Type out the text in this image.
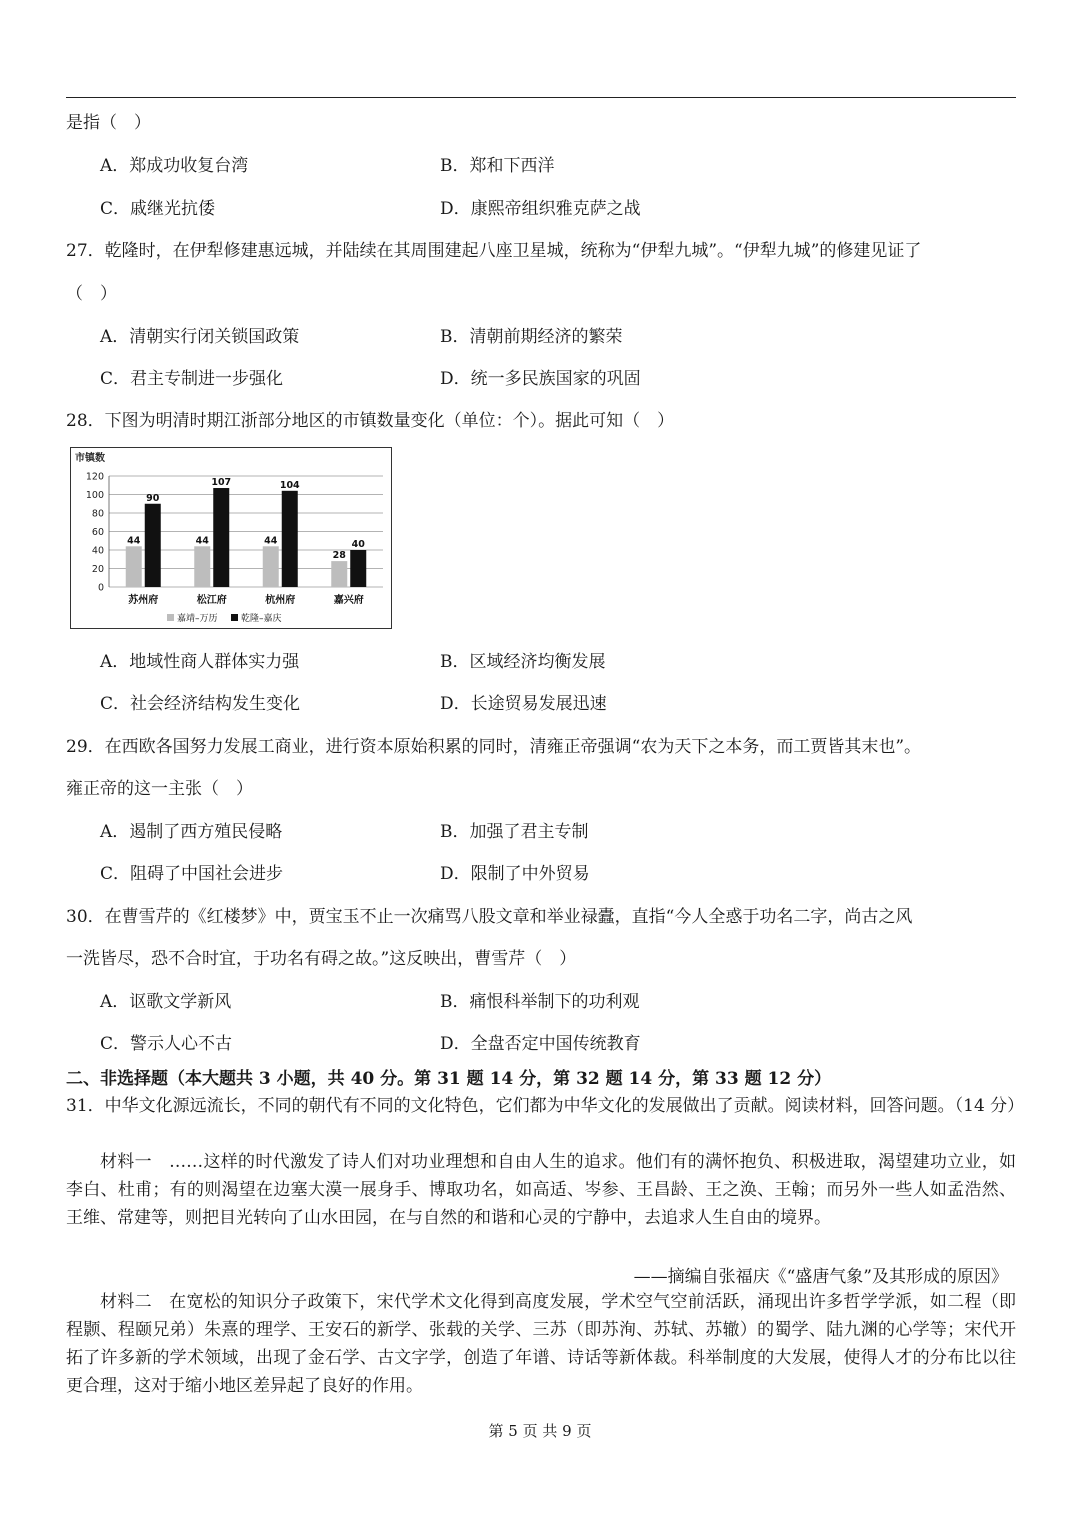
是指（　）
A．郑成功收复台湾	B．郑和下西洋
C．戚继光抗倭	D．康熙帝组织雅克萨之战
27．乾隆时，在伊犁修建惠远城，并陆续在其周围建起八座卫星城，统称为“伊犁九城”。“伊犁九城”的修建见证了
（　）
A．清朝实行闭关锁国政策	B．清朝前期经济的繁荣
C．君主专制进一步强化	D．统一多民族国家的巩固
28．下图为明清时期江浙部分地区的市镇数量变化（单位：个）。据此可知（　）
市镇数
0
20
40
60
80
100
120
44
90
苏州府
44
107
松江府
44
104
杭州府
28
40
嘉兴府
嘉靖–万历	乾隆–嘉庆
A．地域性商人群体实力强	B．区域经济均衡发展
C．社会经济结构发生变化	D．长途贸易发展迅速
29．在西欧各国努力发展工商业，进行资本原始积累的同时，清雍正帝强调“农为天下之本务，而工贾皆其末也”。
雍正帝的这一主张（　）
A．遏制了西方殖民侵略	B．加强了君主专制
C．阻碍了中国社会进步	D．限制了中外贸易
30．在曹雪芹的《红楼梦》中，贾宝玉不止一次痛骂八股文章和举业禄蠹，直指“今人全惑于功名二字，尚古之风
一洗皆尽，恐不合时宜，于功名有碍之故。”这反映出，曹雪芹（　）
A．讴歌文学新风	B．痛恨科举制下的功利观
C．警示人心不古	D．全盘否定中国传统教育
二、非选择题（本大题共 3 小题，共 40 分。第 31 题 14 分，第 32 题 14 分，第 33 题 12 分）
31．中华文化源远流长，不同的朝代有不同的文化特色，它们都为中华文化的发展做出了贡献。阅读材料，回答问题。（14 分）
材料一　……这样的时代激发了诗人们对功业理想和自由人生的追求。他们有的满怀抱负、积极进取，渴望建功立业，如李白、杜甫；有的则渴望在边塞大漠一展身手、博取功名，如高适、岑参、王昌龄、王之涣、王翰；而另外一些人如孟浩然、王维、常建等，则把目光转向了山水田园，在与自然的和谐和心灵的宁静中，去追求人生自由的境界。
——摘编自张福庆《“盛唐气象”及其形成的原因》
材料二　在宽松的知识分子政策下，宋代学术文化得到高度发展，学术空气空前活跃，涌现出许多哲学学派，如二程（即程颢、程颐兄弟）朱熹的理学、王安石的新学、张载的关学、三苏（即苏洵、苏轼、苏辙）的蜀学、陆九渊的心学等；宋代开拓了许多新的学术领域，出现了金石学、古文字学，创造了年谱、诗话等新体裁。科举制度的大发展，使得人才的分布比以往更合理，这对于缩小地区差异起了良好的作用。
第 5 页 共 9 页
